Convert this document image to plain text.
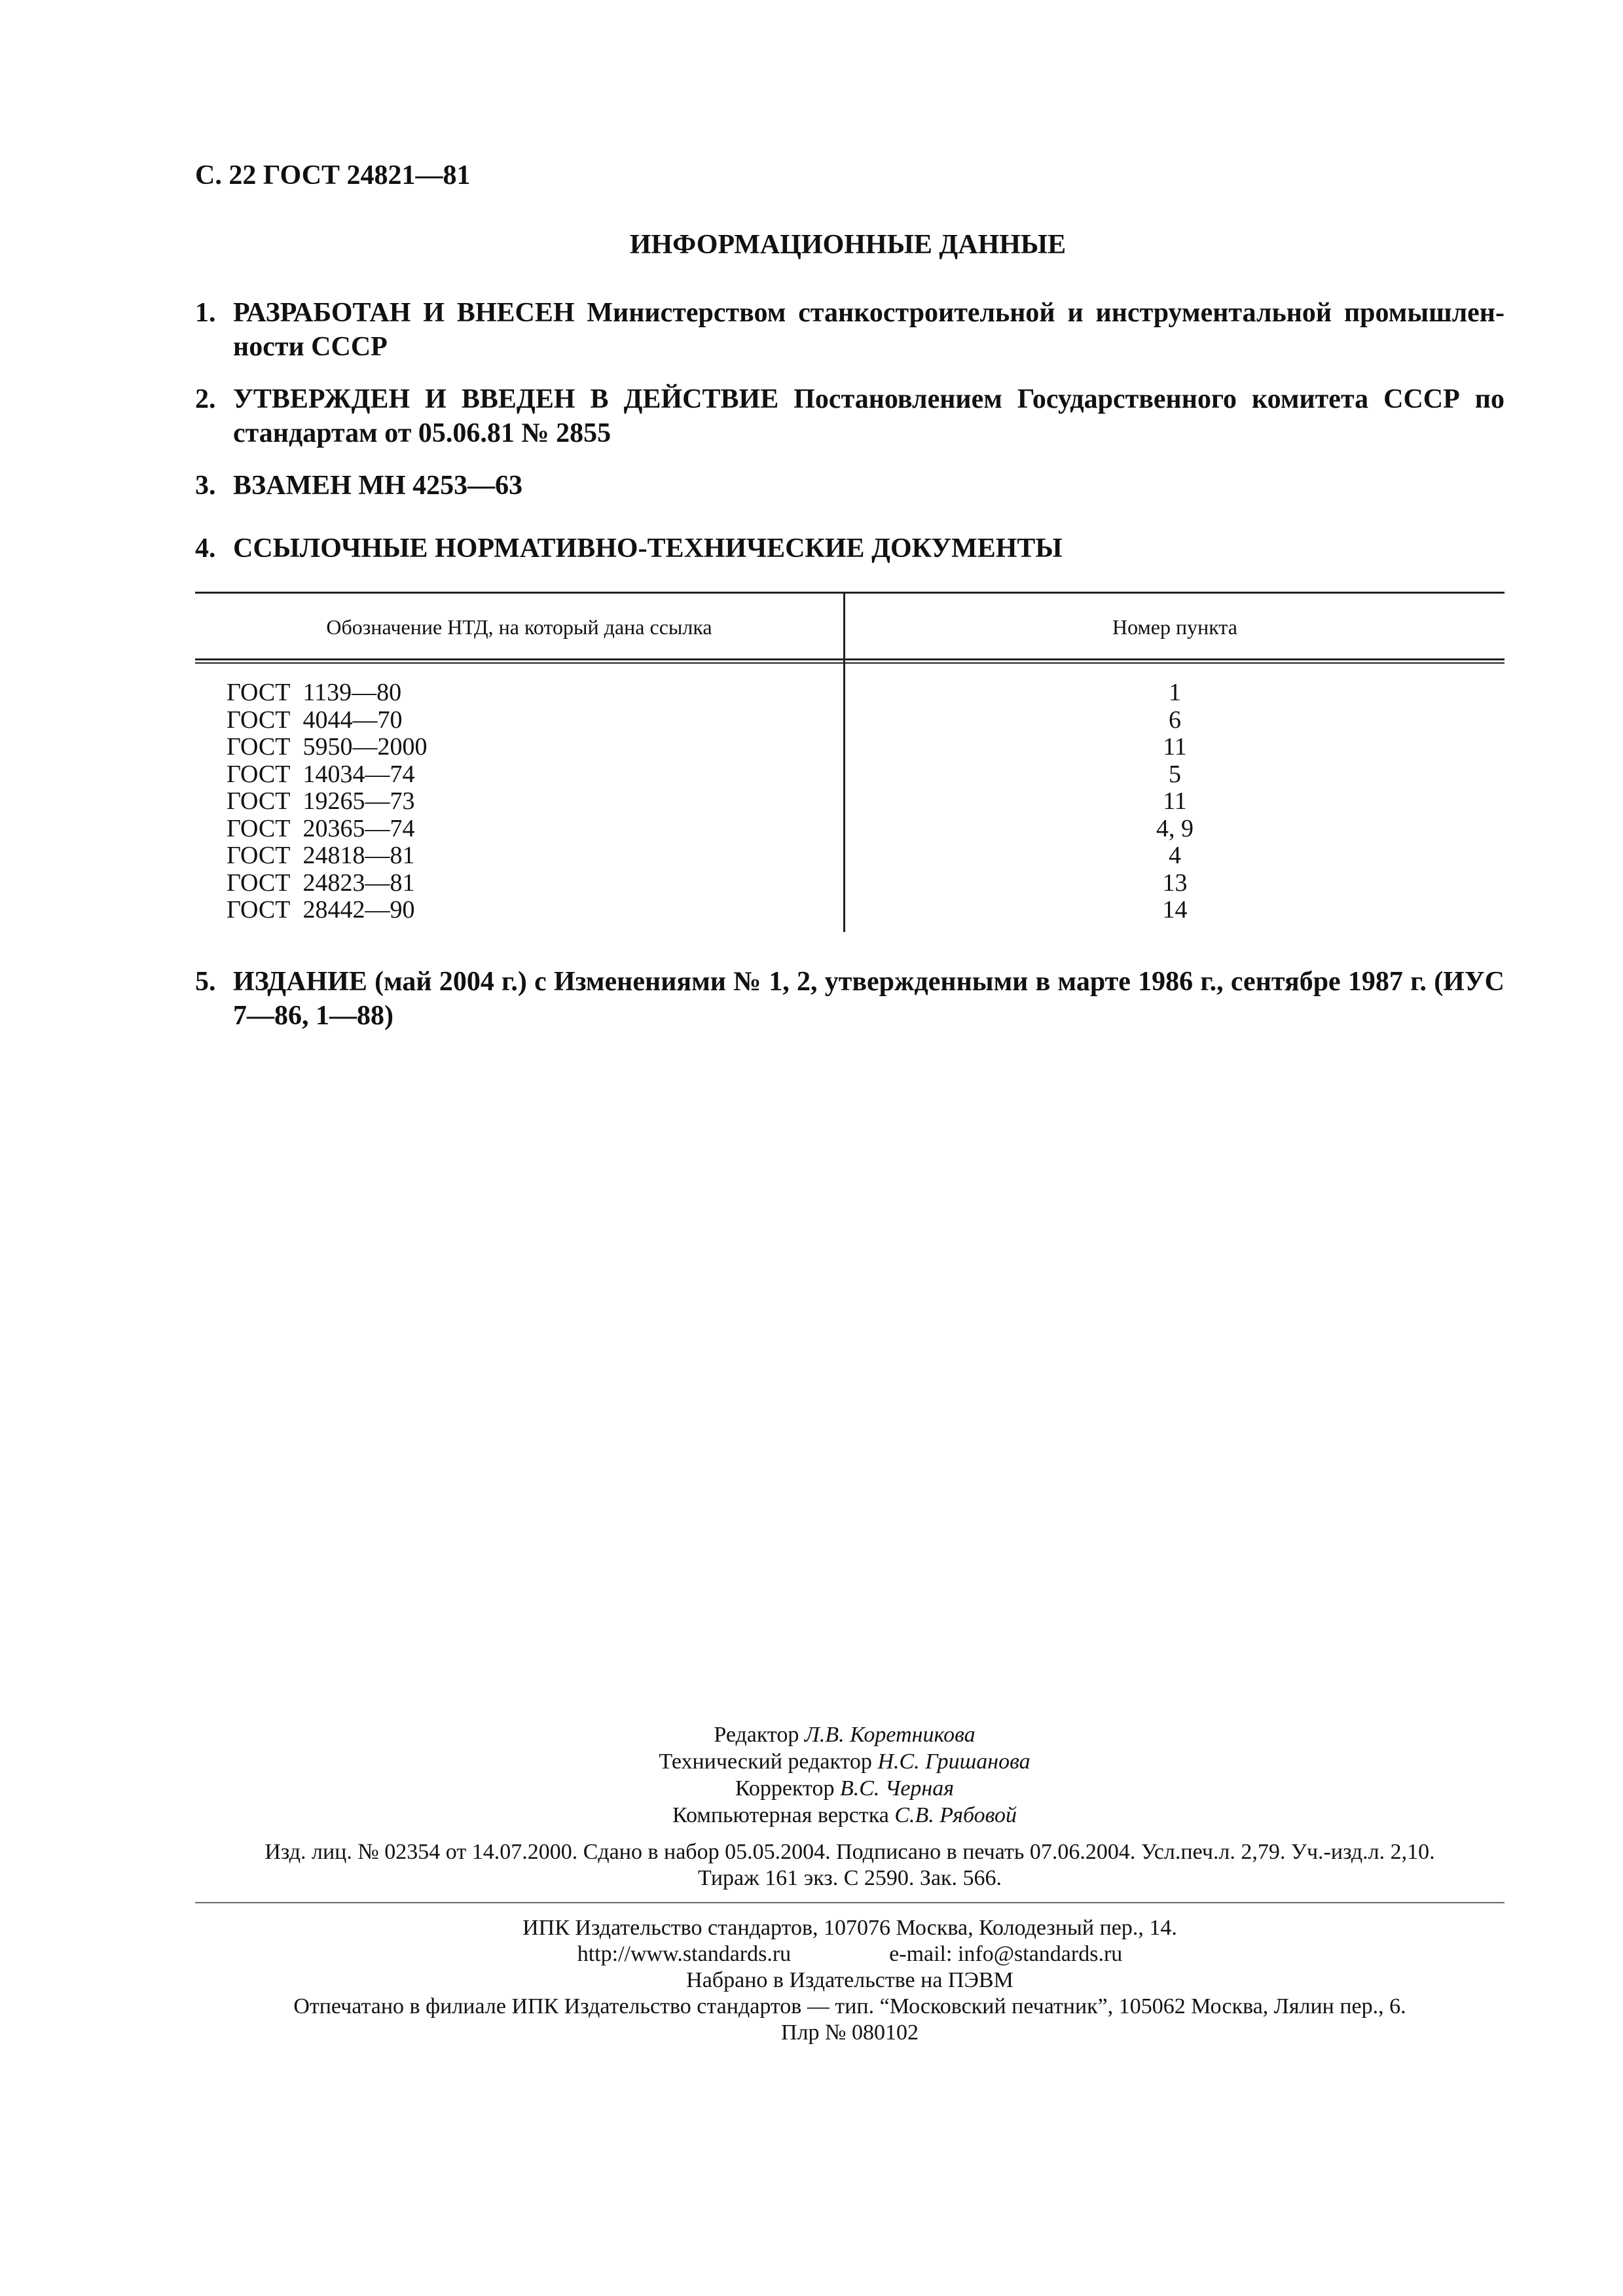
С. 22 ГОСТ 24821—81
ИНФОРМАЦИОННЫЕ ДАННЫЕ
1. РАЗРАБОТАН И ВНЕСЕН Министерством станкостроительной и инструментальной промышлен-ности СССР
2. УТВЕРЖДЕН И ВВЕДЕН В ДЕЙСТВИЕ Постановлением Государственного комитета СССР по стандартам от 05.06.81 № 2855
3. ВЗАМЕН МН 4253—63
4. ССЫЛОЧНЫЕ НОРМАТИВНО-ТЕХНИЧЕСКИЕ ДОКУМЕНТЫ
Обозначение НТД, на который дана ссылка	Номер пункта
ГОСТ  1139—80
ГОСТ  4044—70
ГОСТ  5950—2000
ГОСТ  14034—74
ГОСТ  19265—73
ГОСТ  20365—74
ГОСТ  24818—81
ГОСТ  24823—81
ГОСТ  28442—90
1
6
11
5
11
4, 9
4
13
14
5. ИЗДАНИЕ (май 2004 г.) с Изменениями № 1, 2, утвержденными в марте 1986 г., сентябре 1987 г. (ИУС 7—86, 1—88)
Редактор Л.В. Коретникова
Технический редактор Н.С. Гришанова
Корректор В.С. Черная
Компьютерная верстка С.В. Рябовой
Изд. лиц. № 02354 от 14.07.2000. Сдано в набор 05.05.2004. Подписано в печать 07.06.2004. Усл.печ.л. 2,79. Уч.-изд.л. 2,10.
Тираж 161 экз. С 2590. Зак. 566.
ИПК Издательство стандартов, 107076 Москва, Колодезный пер., 14.
http://www.standards.ru	e-mail: info@standards.ru
Набрано в Издательстве на ПЭВМ
Отпечатано в филиале ИПК Издательство стандартов — тип. “Московский печатник”, 105062 Москва, Лялин пер., 6.
Плр № 080102
